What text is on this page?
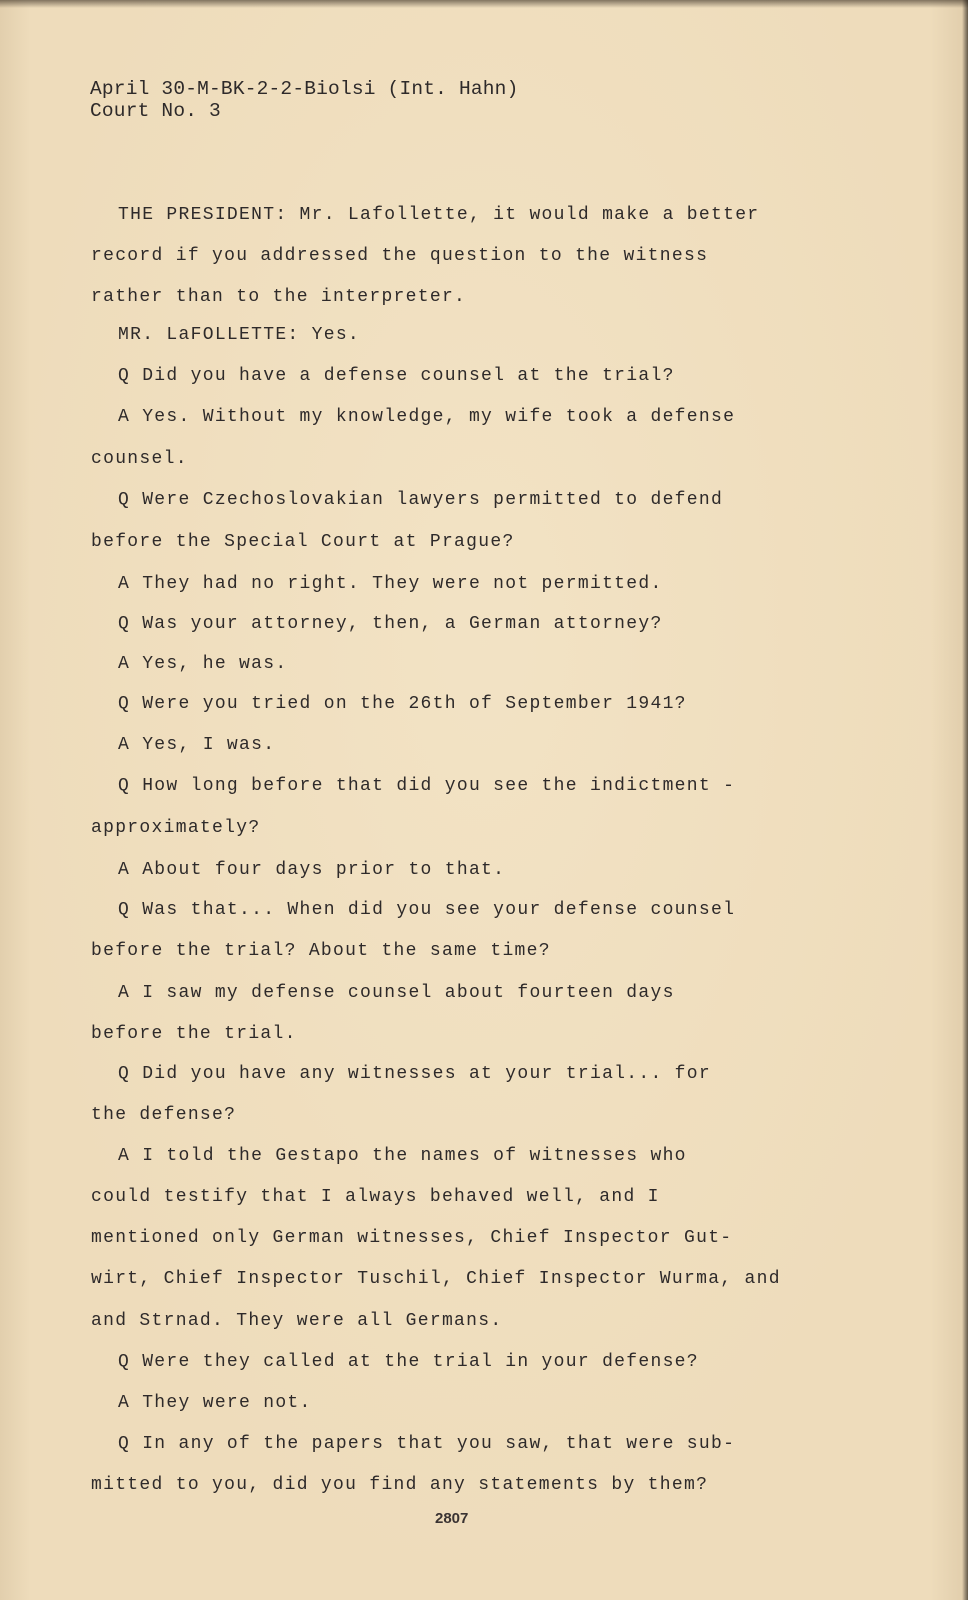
April 30-M-BK-2-2-Biolsi (Int. Hahn)
Court No. 3
THE PRESIDENT: Mr. Lafollette, it would make a better
record if you addressed the question to the witness
rather than to the interpreter.
MR. LaFOLLETTE: Yes.
Q Did you have a defense counsel at the trial?
A Yes. Without my knowledge, my wife took a defense
counsel.
Q Were Czechoslovakian lawyers permitted to defend
before the Special Court at Prague?
A They had no right. They were not permitted.
Q Was your attorney, then, a German attorney?
A Yes, he was.
Q Were you tried on the 26th of September 1941?
A Yes, I was.
Q How long before that did you see the indictment -
approximately?
A About four days prior to that.
Q Was that... When did you see your defense counsel
before the trial? About the same time?
A I saw my defense counsel about fourteen days
before the trial.
Q Did you have any witnesses at your trial... for
the defense?
A I told the Gestapo the names of witnesses who
could testify that I always behaved well, and I
mentioned only German witnesses, Chief Inspector Gut-
wirt, Chief Inspector Tuschil, Chief Inspector Wurma, and
and Strnad. They were all Germans.
Q Were they called at the trial in your defense?
A They were not.
Q In any of the papers that you saw, that were sub-
mitted to you, did you find any statements by them?
2807
